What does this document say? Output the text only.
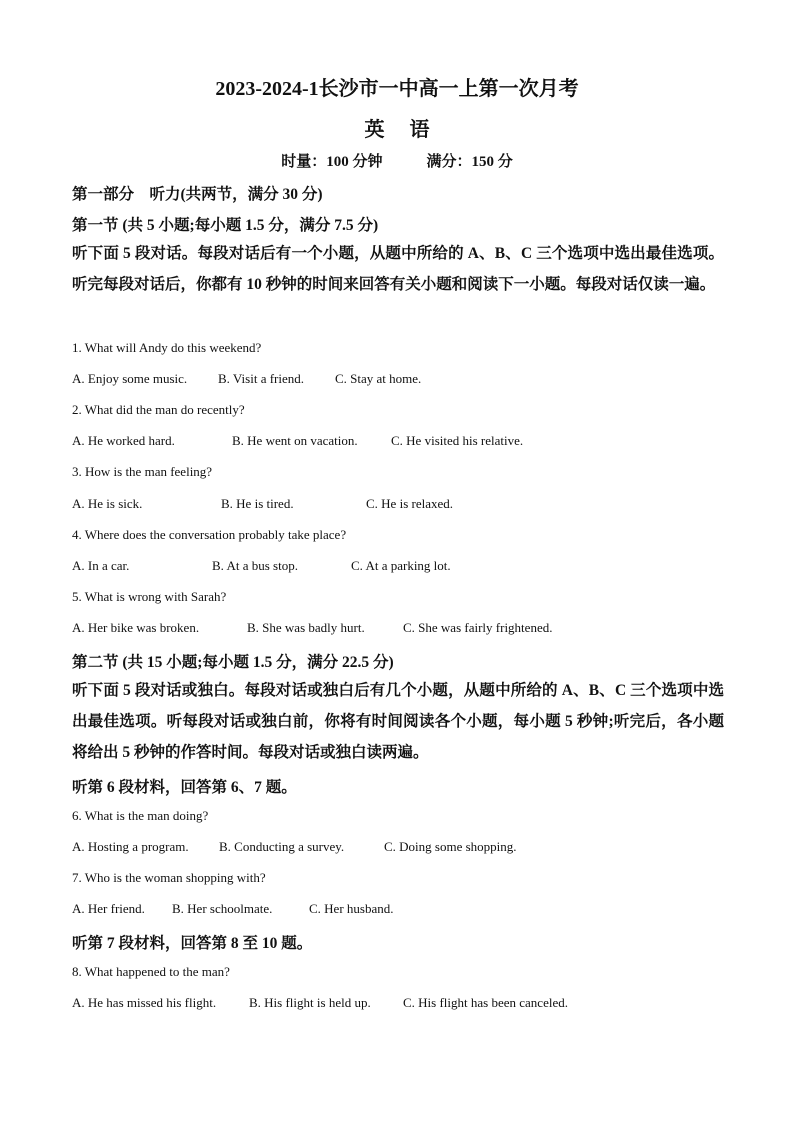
2023-2024-1长沙市一中高一上第一次月考
英　 语
时量：100 分钟	满分：150 分
第一部分　听力(共两节，满分 30 分)
第一节 (共 5 小题;每小题 1.5 分，满分 7.5 分)
听下面 5 段对话。每段对话后有一个小题，从题中所给的 A、B、C 三个选项中选出最佳选项。听完每段对话后，你都有 10 秒钟的时间来回答有关小题和阅读下一小题。每段对话仅读一遍。
1. What will Andy do this weekend?
A. Enjoy some music. B. Visit a friend. C. Stay at home.
2. What did the man do recently?
A. He worked hard.	B. He went on vacation.	C. He visited his relative.
3. How is the man feeling?
A. He is sick.	B. He is tired.	C. He is relaxed.
4. Where does the conversation probably take place?
A. In a car.	B. At a bus stop.	C. At a parking lot.
5. What is wrong with Sarah?
A. Her bike was broken.	B. She was badly hurt.	C. She was fairly frightened.
第二节 (共 15 小题;每小题 1.5 分，满分 22.5 分)
听下面 5 段对话或独白。每段对话或独白后有几个小题，从题中所给的 A、B、C 三个选项中选出最佳选项。听每段对话或独白前，你将有时间阅读各个小题，每小题 5 秒钟;听完后，各小题将给出 5 秒钟的作答时间。每段对话或独白读两遍。
听第 6 段材料，回答第 6、7 题。
6. What is the man doing?
A. Hosting a program. B. Conducting a survey.	C. Doing some shopping.
7. Who is the woman shopping with?
A. Her friend. B. Her schoolmate.	C. Her husband.
听第 7 段材料，回答第 8 至 10 题。
8. What happened to the man?
A. He has missed his flight.	B. His flight is held up. C. His flight has been canceled.
